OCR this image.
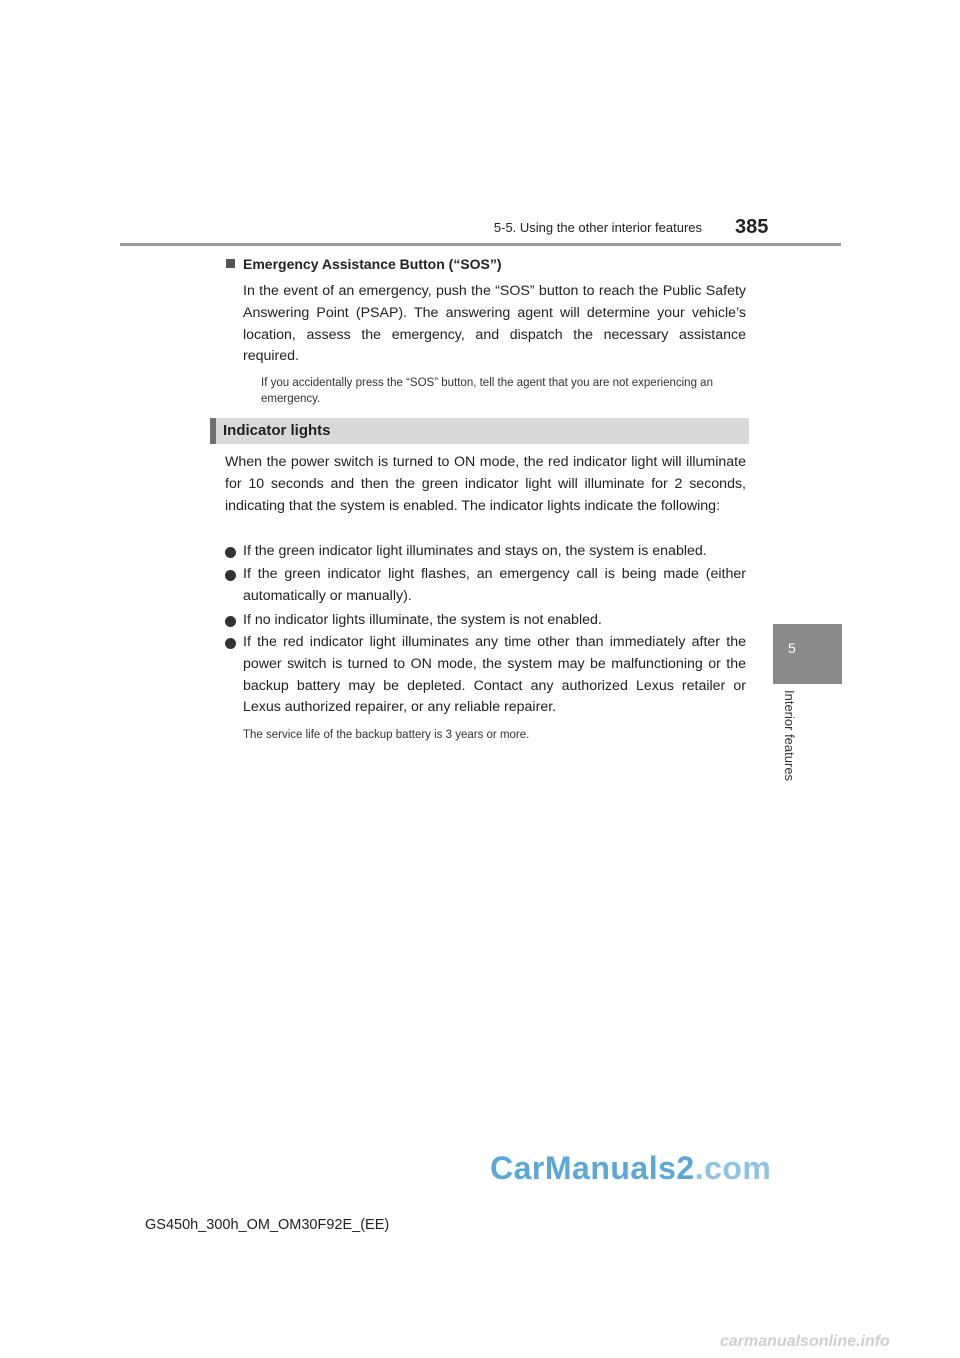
5-5. Using the other interior features 385
5
Interior features
Emergency Assistance Button (“SOS”)
In the event of an emergency, push the “SOS” button to reach the Public Safety Answering Point (PSAP). The answering agent will determine your vehicle’s location, assess the emergency, and dispatch the necessary assistance required.
If you accidentally press the “SOS” button, tell the agent that you are not experiencing an emergency.
Indicator lights
When the power switch is turned to ON mode, the red indicator light will illuminate for 10 seconds and then the green indicator light will illuminate for 2 seconds, indicating that the system is enabled. The indicator lights indicate the following:
If the green indicator light illuminates and stays on, the system is enabled.
If the green indicator light flashes, an emergency call is being made (either automatically or manually).
If no indicator lights illuminate, the system is not enabled.
If the red indicator light illuminates any time other than immediately after the power switch is turned to ON mode, the system may be malfunctioning or the backup battery may be depleted. Contact any authorized Lexus retailer or Lexus authorized repairer, or any reliable repairer.
The service life of the backup battery is 3 years or more.
CarManuals2.com
GS450h_300h_OM_OM30F92E_(EE)
carmanualsonline.info
